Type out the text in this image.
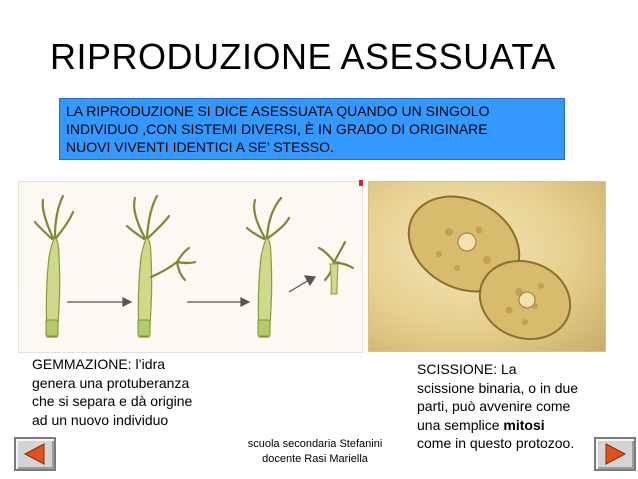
RIPRODUZIONE ASESSUATA
LA RIPRODUZIONE SI DICE ASESSUATA QUANDO UN SINGOLO
INDIVIDUO ,CON SISTEMI DIVERSI, È IN GRADO DI ORIGINARE
NUOVI VIVENTI IDENTICI A SE’ STESSO.
GEMMAZIONE: l’idra
genera una protuberanza
che si separa e dà origine
ad un nuovo individuo
SCISSIONE: La
scissione binaria, o in due
parti, può avvenire come
una semplice mitosi
come in questo protozoo.
scuola secondaria Stefanini
docente Rasi Mariella
